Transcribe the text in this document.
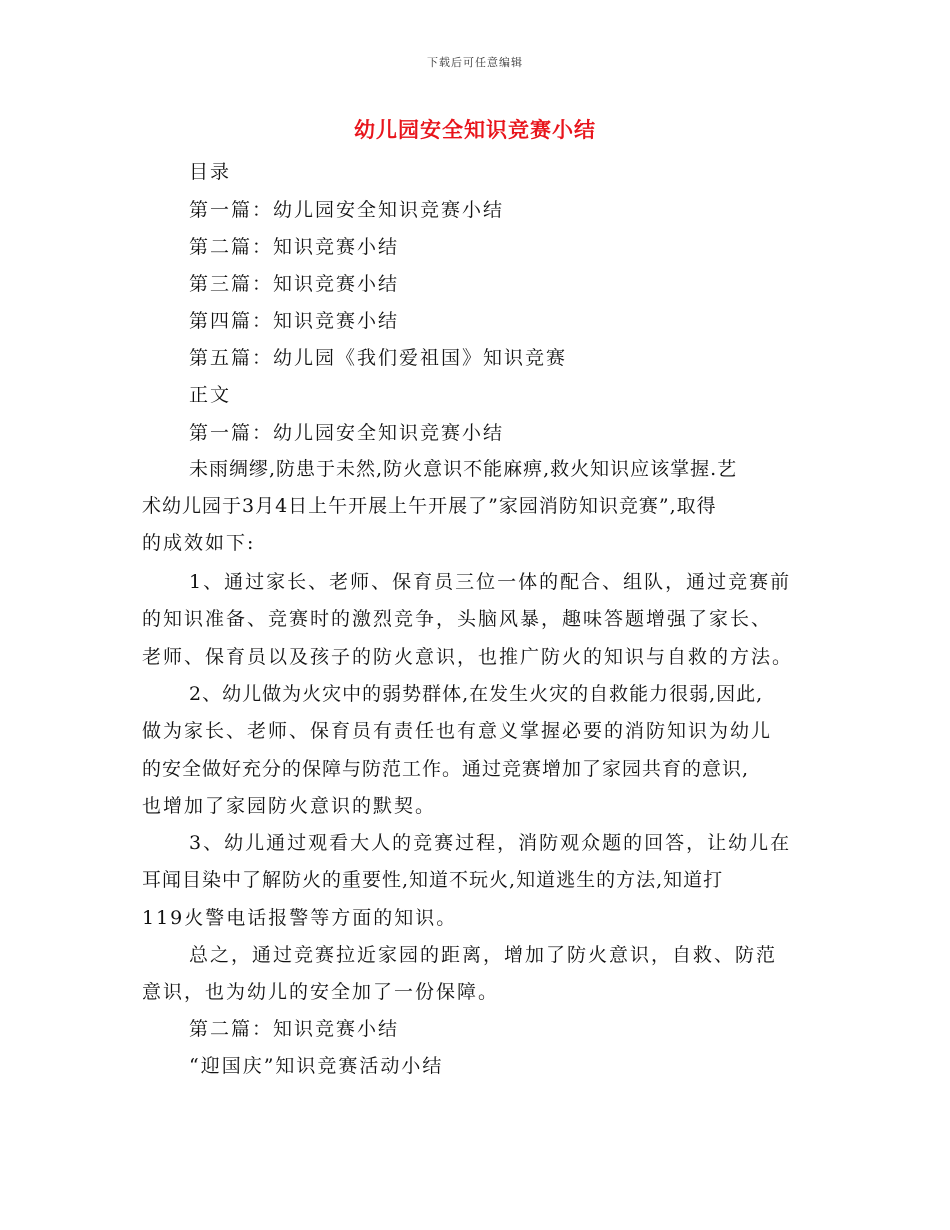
下载后可任意编辑
幼儿园安全知识竞赛小结
目录
第一篇：幼儿园安全知识竞赛小结
第二篇：知识竞赛小结
第三篇：知识竞赛小结
第四篇：知识竞赛小结
第五篇：幼儿园《我们爱祖国》知识竞赛
正文
第一篇：幼儿园安全知识竞赛小结
未雨绸缪,防患于未然,防火意识不能麻痹,救火知识应该掌握.艺
术幼儿园于3月4日上午开展上午开展了”家园消防知识竞赛”,取得
的成效如下:
1、通过家长、老师、保育员三位一体的配合、组队，通过竞赛前
的知识准备、竞赛时的激烈竞争，头脑风暴，趣味答题增强了家长、
老师、保育员以及孩子的防火意识，也推广防火的知识与自救的方法。
2、幼儿做为火灾中的弱势群体,在发生火灾的自救能力很弱,因此,
做为家长、老师、保育员有责任也有意义掌握必要的消防知识为幼儿
的安全做好充分的保障与防范工作。通过竞赛增加了家园共育的意识,
也增加了家园防火意识的默契。
3、幼儿通过观看大人的竞赛过程，消防观众题的回答，让幼儿在
耳闻目染中了解防火的重要性,知道不玩火,知道逃生的方法,知道打
119火警电话报警等方面的知识。
总之，通过竞赛拉近家园的距离，增加了防火意识，自救、防范
意识，也为幼儿的安全加了一份保障。
第二篇：知识竞赛小结
“迎国庆”知识竞赛活动小结
